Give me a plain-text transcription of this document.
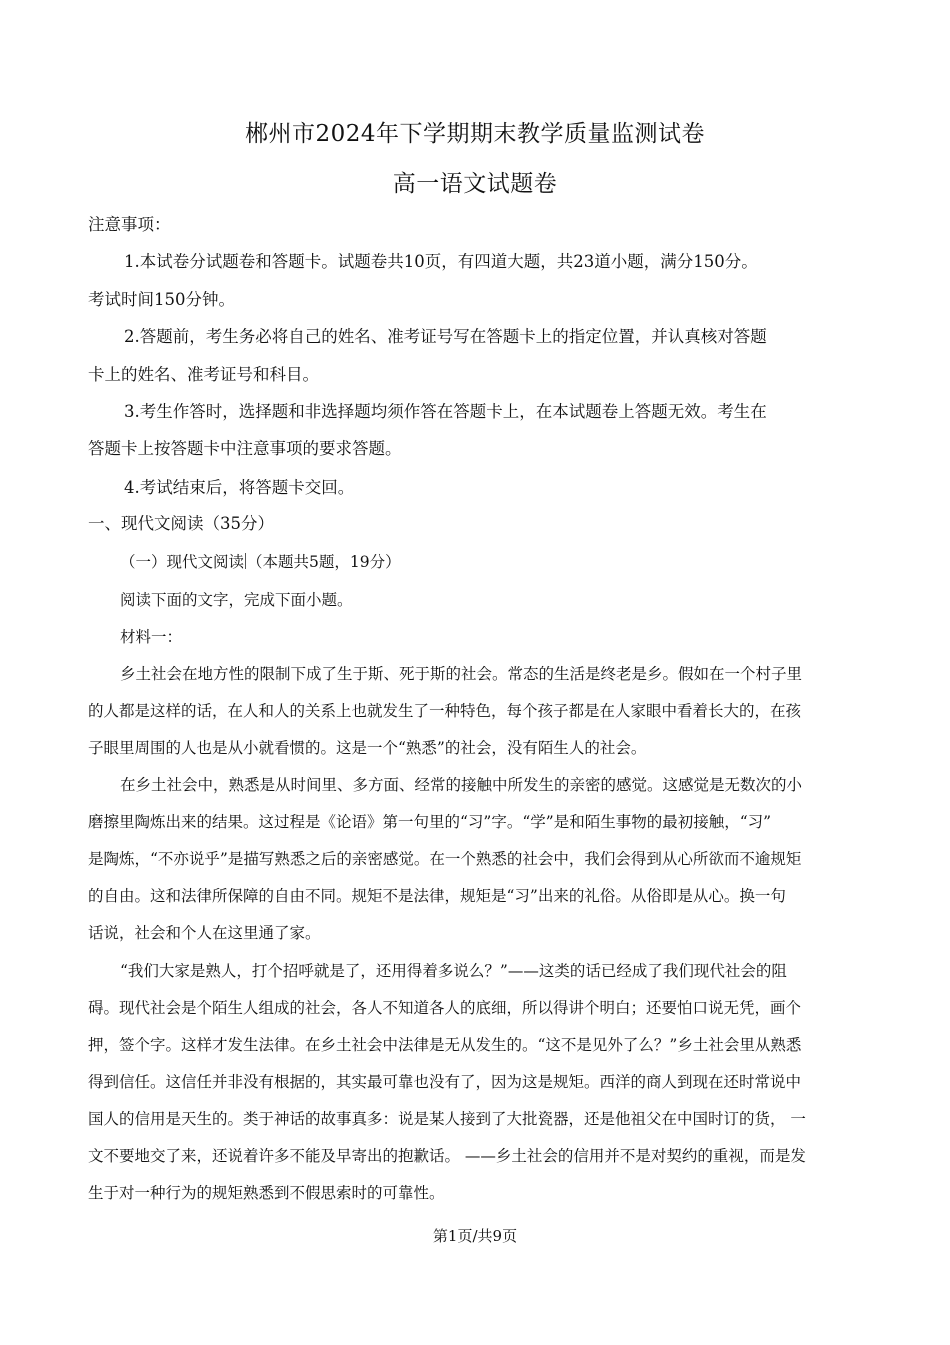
郴州市2024年下学期期末教学质量监测试卷
高一语文试题卷
注意事项：
1.本试卷分试题卷和答题卡。试题卷共10页，有四道大题，共23道小题，满分150分。
考试时间150分钟。
2.答题前，考生务必将自己的姓名、准考证号写在答题卡上的指定位置，并认真核对答题
卡上的姓名、准考证号和科目。
3.考生作答时，选择题和非选择题均须作答在答题卡上，在本试题卷上答题无效。考生在
答题卡上按答题卡中注意事项的要求答题。
4.考试结束后，将答题卡交回。
一、现代文阅读（35分）
（一）现代文阅读 （本题共5题，19分）
阅读下面的文字，完成下面小题。
材料一：
乡土社会在地方性的限制下成了生于斯、死于斯的社会。常态的生活是终老是乡。假如在一个村子里
的人都是这样的话，在人和人的关系上也就发生了一种特色，每个孩子都是在人家眼中看着长大的，在孩
子眼里周围的人也是从小就看惯的。这是一个“熟悉”的社会，没有陌生人的社会。
在乡土社会中，熟悉是从时间里、多方面、经常的接触中所发生的亲密的感觉。这感觉是无数次的小
磨擦里陶炼出来的结果。这过程是《论语》第一句里的“习”字。“学”是和陌生事物的最初接触，“习”
是陶炼，“不亦说乎”是描写熟悉之后的亲密感觉。在一个熟悉的社会中，我们会得到从心所欲而不逾规矩
的自由。这和法律所保障的自由不同。规矩不是法律，规矩是“习”出来的礼俗。从俗即是从心。换一句
话说，社会和个人在这里通了家。
“我们大家是熟人，打个招呼就是了，还用得着多说么？”——这类的话已经成了我们现代社会的阻
碍。现代社会是个陌生人组成的社会，各人不知道各人的底细，所以得讲个明白；还要怕口说无凭，画个
押，签个字。这样才发生法律。在乡土社会中法律是无从发生的。“这不是见外了么？”乡土社会里从熟悉
得到信任。这信任并非没有根据的，其实最可靠也没有了，因为这是规矩。西洋的商人到现在还时常说中
国人的信用是天生的。类于神话的故事真多：说是某人接到了大批瓷器，还是他祖父在中国时订的货， 一
文不要地交了来，还说着许多不能及早寄出的抱歉话。 ——乡土社会的信用并不是对契约的重视，而是发
生于对一种行为的规矩熟悉到不假思索时的可靠性。
第1页/共9页
